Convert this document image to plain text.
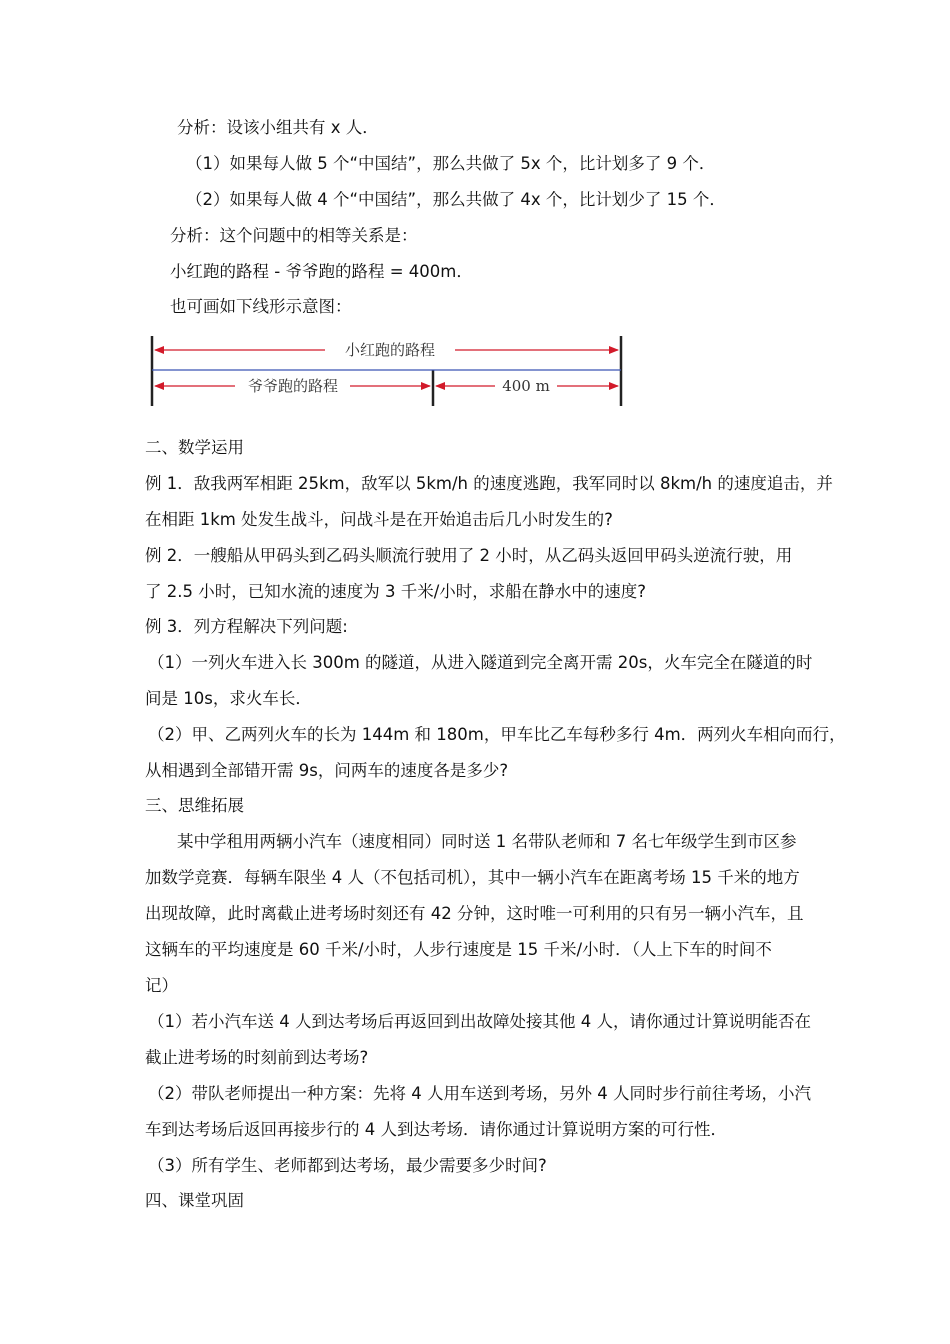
分析：设该小组共有 x 人．
（1）如果每人做 5 个“中国结”，那么共做了 5x 个，比计划多了 9 个．
（2）如果每人做 4 个“中国结”，那么共做了 4x 个，比计划少了 15 个．
分析：这个问题中的相等关系是：
小红跑的路程 - 爷爷跑的路程 = 400m．
也可画如下线形示意图：
小红跑的路程
爷爷跑的路程	400 m
二、数学运用
例 1．敌我两军相距 25km，敌军以 5km/h 的速度逃跑，我军同时以 8km/h 的速度追击，并
在相距 1km 处发生战斗，问战斗是在开始追击后几小时发生的?
例 2．一艘船从甲码头到乙码头顺流行驶用了 2 小时，从乙码头返回甲码头逆流行驶，用
了 2.5 小时，已知水流的速度为 3 千米/小时，求船在静水中的速度?
例 3．列方程解决下列问题:
（1）一列火车进入长 300m 的隧道，从进入隧道到完全离开需 20s，火车完全在隧道的时
间是 10s，求火车长．
（2）甲、乙两列火车的长为 144m 和 180m，甲车比乙车每秒多行 4m．两列火车相向而行，
从相遇到全部错开需 9s，问两车的速度各是多少?
三、思维拓展
某中学租用两辆小汽车（速度相同）同时送 1 名带队老师和 7 名七年级学生到市区参
加数学竞赛．每辆车限坐 4 人（不包括司机），其中一辆小汽车在距离考场 15 千米的地方
出现故障，此时离截止进考场时刻还有 42 分钟，这时唯一可利用的只有另一辆小汽车，且
这辆车的平均速度是 60 千米/小时，人步行速度是 15 千米/小时．（人上下车的时间不
记）
（1）若小汽车送 4 人到达考场后再返回到出故障处接其他 4 人，请你通过计算说明能否在
截止进考场的时刻前到达考场?
（2）带队老师提出一种方案：先将 4 人用车送到考场，另外 4 人同时步行前往考场，小汽
车到达考场后返回再接步行的 4 人到达考场．请你通过计算说明方案的可行性．
（3）所有学生、老师都到达考场，最少需要多少时间?
四、课堂巩固
